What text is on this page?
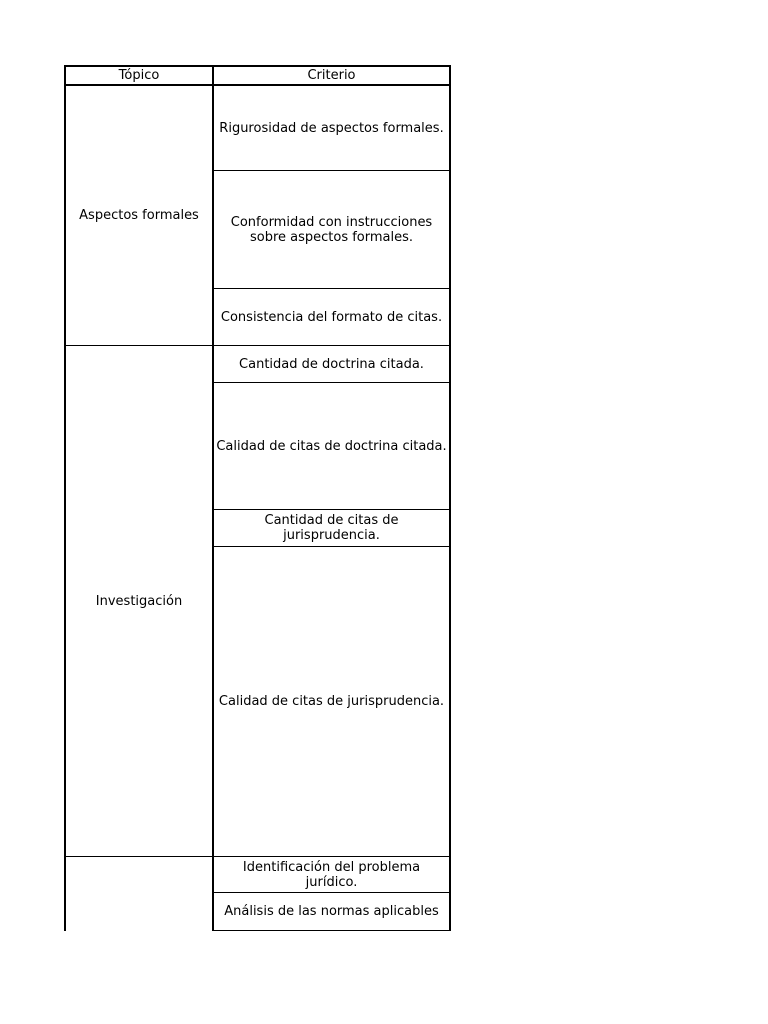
Tópico	Criterio
Aspectos formales
Rigurosidad de aspectos formales.
Conformidad con instrucciones sobre aspectos formales.
Consistencia del formato de citas.
Investigación
Cantidad de doctrina citada.
Calidad de citas de doctrina citada.
Cantidad de citas de jurisprudencia.
Calidad de citas de jurisprudencia.
Identificación del problema jurídico.
Análisis de las normas aplicables
